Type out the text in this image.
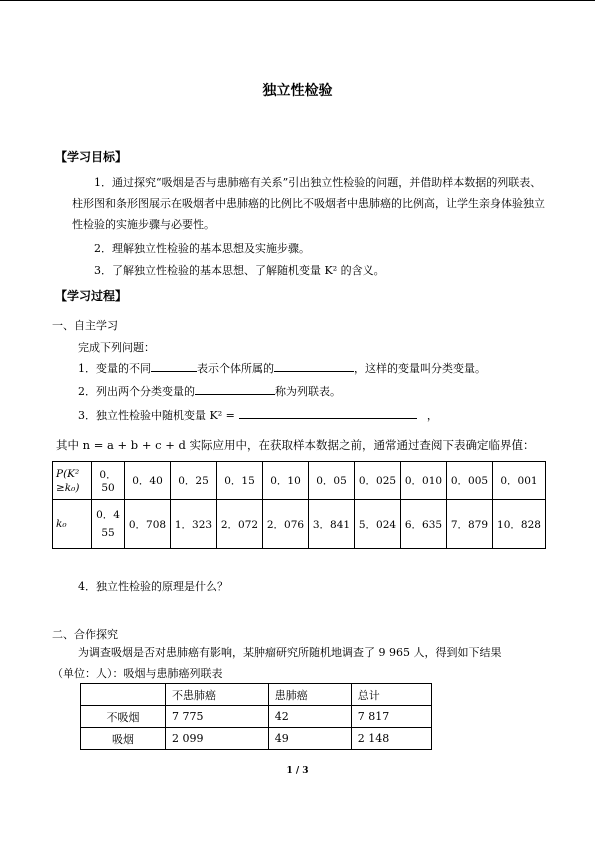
独立性检验
【学习目标】
1．通过探究“吸烟是否与患肺癌有关系”引出独立性检验的问题，并借助样本数据的列联表、柱形图和条形图展示在吸烟者中患肺癌的比例比不吸烟者中患肺癌的比例高，让学生亲身体验独立性检验的实施步骤与必要性。
2．理解独立性检验的基本思想及实施步骤。
3．了解独立性检验的基本思想、了解随机变量 K² 的含义。
【学习过程】
一、自主学习
完成下列问题：
1．变量的不同	表示个体所属的	，这样的变量叫分类变量。
2．列出两个分类变量的	称为列联表。
3．独立性检验中随机变量 K² =	，
其中 n = a + b + c + d 实际应用中，在获取样本数据之前，通常通过查阅下表确定临界值：
P(K² ≥k₀)	0．50	0．40	0．25	0．15	0．10	0．05	0．025	0．010	0．005	0．001
k₀	0．455	0．708	1．323	2．072	2．076	3．841	5．024	6．635	7．879	10．828
4．独立性检验的原理是什么？
二、合作探究
为调查吸烟是否对患肺癌有影响，某肿瘤研究所随机地调查了 9 965 人，得到如下结果
（单位：人）：吸烟与患肺癌列联表
	不患肺癌	患肺癌	总计
不吸烟	7 775	42	7 817
吸烟	2 099	49	2 148
1 / 3
